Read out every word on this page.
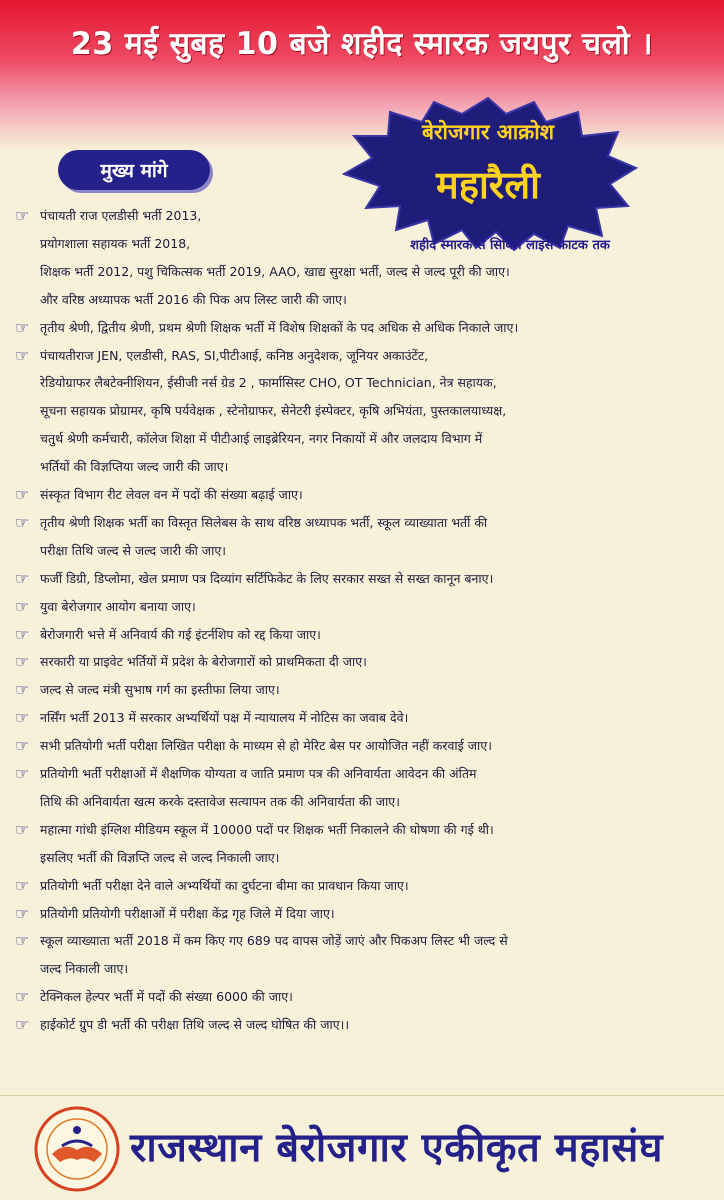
23 मई सुबह 10 बजे शहीद स्मारक जयपुर चलो ।
बेरोजगार आक्रोश
महारैली
शहीद स्मारक से सिविल लाइंस फाटक तक
मुख्य मांगे
☞ पंचायती राज एलडीसी भर्ती 2013,
प्रयोगशाला सहायक भर्ती 2018,
शिक्षक भर्ती 2012, पशु चिकित्सक भर्ती 2019, AAO, खाद्य सुरक्षा भर्ती, जल्द से जल्द पूरी की जाए।
और वरिष्ठ अध्यापक भर्ती 2016 की पिक अप लिस्ट जारी की जाए।
☞ तृतीय श्रेणी, द्वितीय श्रेणी, प्रथम श्रेणी शिक्षक भर्ती में विशेष शिक्षकों के पद अधिक से अधिक निकाले जाए।
☞ पंचायतीराज JEN, एलडीसी, RAS, SI,पीटीआई, कनिष्ठ अनुदेशक, जूनियर अकाउंटेंट,
रेडियोग्राफर लैबटेक्नीशियन, ईसीजी नर्स ग्रेड 2 , फार्मासिस्ट CHO, OT Technician, नेत्र सहायक,
सूचना सहायक प्रोग्रामर, कृषि पर्यवेक्षक , स्टेनोग्राफर, सेनेटरी इंस्पेक्टर, कृषि अभियंता, पुस्तकालयाध्यक्ष,
चतुर्थ श्रेणी कर्मचारी, कॉलेज शिक्षा में पीटीआई लाइब्रेरियन, नगर निकायों में और जलदाय विभाग में
भर्तियों की विज्ञप्तिया जल्द जारी की जाए।
☞ संस्कृत विभाग रीट लेवल वन में पदों की संख्या बढ़ाई जाए।
☞ तृतीय श्रेणी शिक्षक भर्ती का विस्तृत सिलेबस के साथ वरिष्ठ अध्यापक भर्ती, स्कूल व्याख्याता भर्ती की
परीक्षा तिथि जल्द से जल्द जारी की जाए।
☞ फर्जी डिग्री, डिप्लोमा, खेल प्रमाण पत्र दिव्यांग सर्टिफिकेट के लिए सरकार सख्त से सख्त कानून बनाए।
☞ युवा बेरोजगार आयोग बनाया जाए।
☞ बेरोजगारी भत्ते में अनिवार्य की गई इंटर्नशिप को रद्द किया जाए।
☞ सरकारी या प्राइवेट भर्तियों में प्रदेश के बेरोजगारों को प्राथमिकता दी जाए।
☞ जल्द से जल्द मंत्री सुभाष गर्ग का इस्तीफा लिया जाए।
☞ नर्सिंग भर्ती 2013 में सरकार अभ्यर्थियों पक्ष में न्यायालय में नोटिस का जवाब देवे।
☞ सभी प्रतियोगी भर्ती परीक्षा लिखित परीक्षा के माध्यम से हो मेरिट बेस पर आयोजित नहीं करवाई जाए।
☞ प्रतियोगी भर्ती परीक्षाओं में शैक्षणिक योग्यता व जाति प्रमाण पत्र की अनिवार्यता आवेदन की अंतिम
तिथि की अनिवार्यता खत्म करके दस्तावेज सत्यापन तक की अनिवार्यता की जाए।
☞ महात्मा गांधी इंग्लिश मीडियम स्कूल में 10000 पदों पर शिक्षक भर्ती निकालने की घोषणा की गई थी।
इसलिए भर्ती की विज्ञप्ति जल्द से जल्द निकाली जाए।
☞ प्रतियोगी भर्ती परीक्षा देने वाले अभ्यर्थियों का दुर्घटना बीमा का प्रावधान किया जाए।
☞ प्रतियोगी प्रतियोगी परीक्षाओं में परीक्षा केंद्र गृह जिले में दिया जाए।
☞ स्कूल व्याख्याता भर्ती 2018 में कम किए गए 689 पद वापस जोड़ें जाएं और पिकअप लिस्ट भी जल्द से
जल्द निकाली जाए।
☞ टेक्निकल हेल्पर भर्ती में पदों की संख्या 6000 की जाए।
☞ हाईकोर्ट ग्रुप डी भर्ती की परीक्षा तिथि जल्द से जल्द घोषित की जाए।।
राजस्थान बेरोजगार एकीकृत महासंघ
